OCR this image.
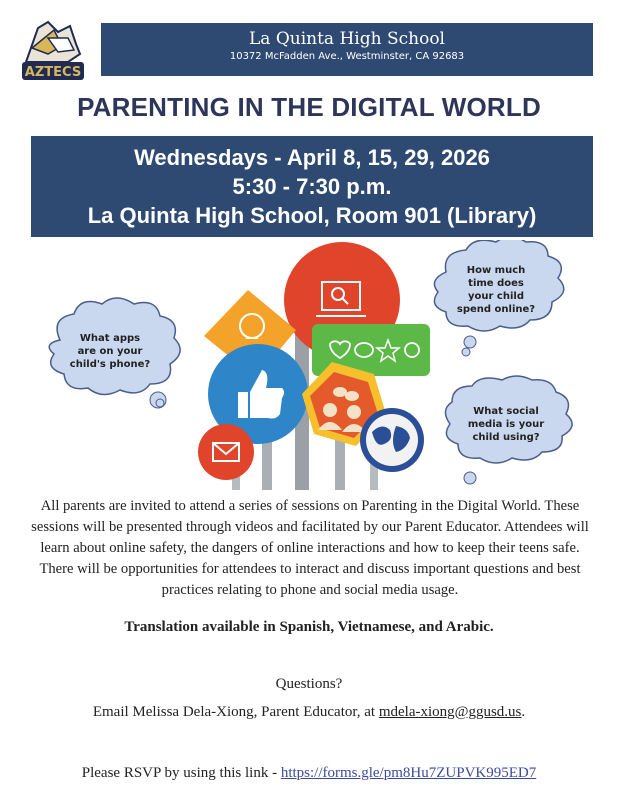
AZTECS
La Quinta High School
10372 McFadden Ave., Westminster, CA 92683
PARENTING IN THE DIGITAL WORLD
Wednesdays - April 8, 15, 29, 2026
5:30 - 7:30 p.m.
La Quinta High School, Room 901 (Library)
What apps
are on your
child's phone?
How much
time does
your child
spend online?
What social
media is your
child using?
All parents are invited to attend a series of sessions on Parenting in the Digital World. These sessions will be presented through videos and facilitated by our Parent Educator. Attendees will learn about online safety, the dangers of online interactions and how to keep their teens safe. There will be opportunities for attendees to interact and discuss important questions and best practices relating to phone and social media usage.
Translation available in Spanish, Vietnamese, and Arabic.
Questions?
Email Melissa Dela-Xiong, Parent Educator, at mdela-xiong@ggusd.us.
Please RSVP by using this link - https://forms.gle/pm8Hu7ZUPVK995ED7
